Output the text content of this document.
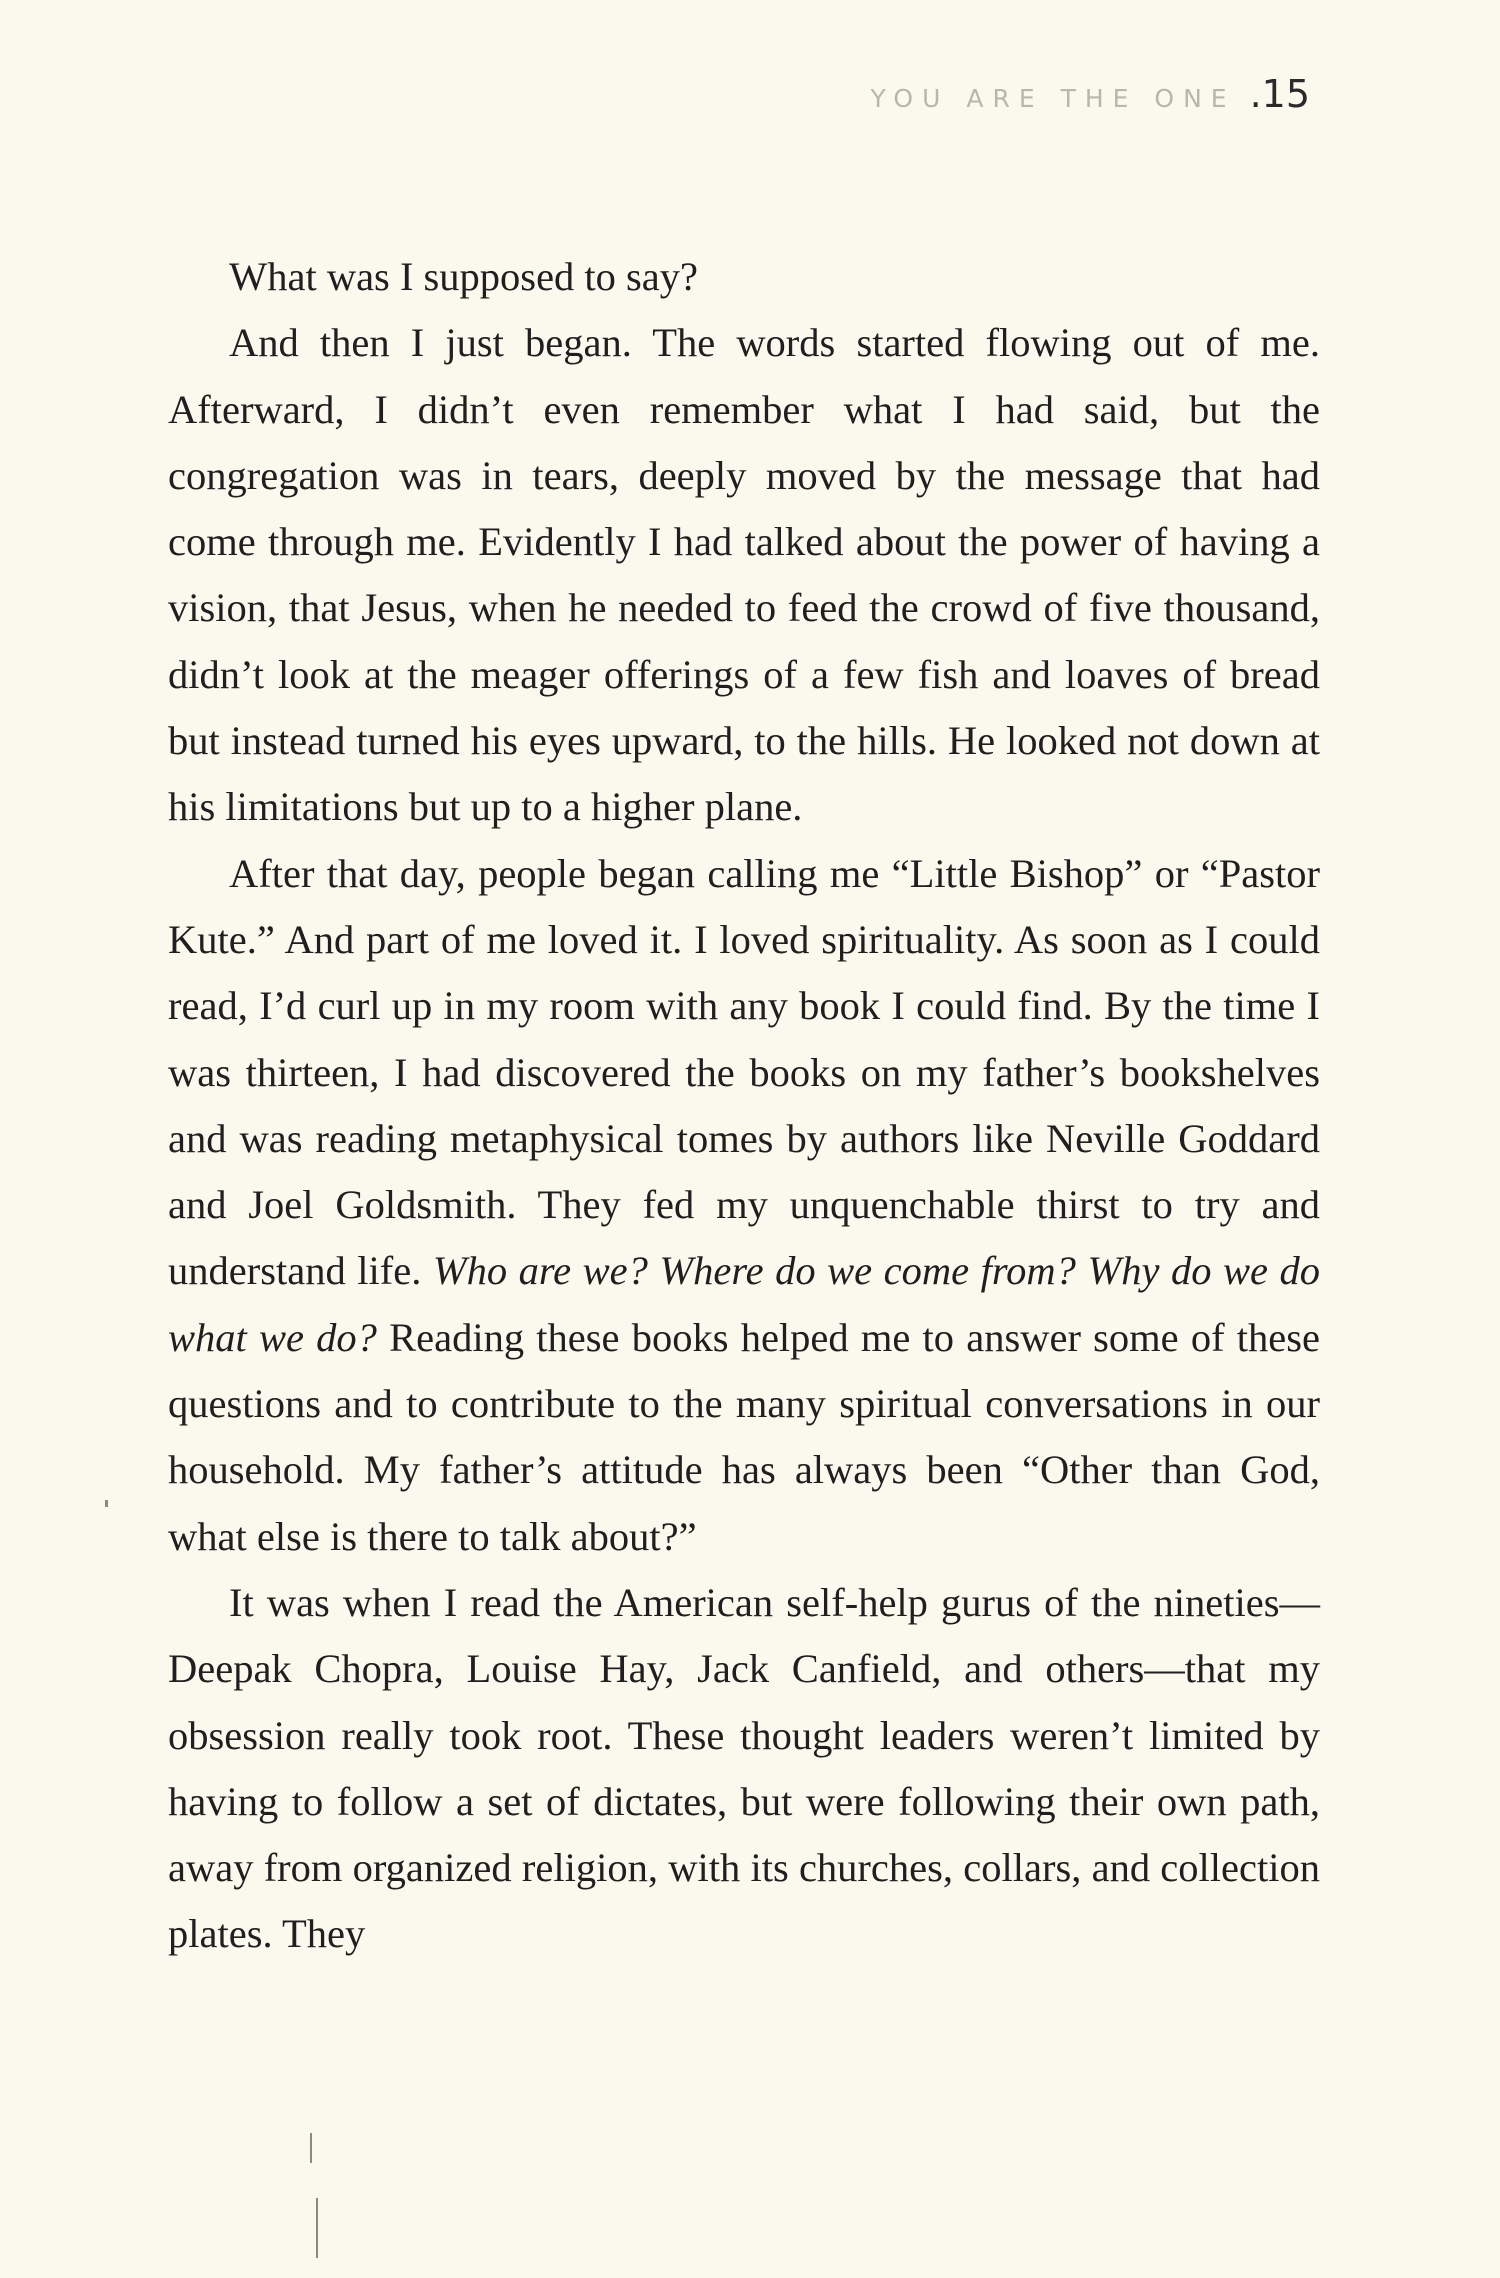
YOU ARE THE ONE .15

What was I supposed to say?

And then I just began. The words started flowing out of me. Afterward, I didn’t even remember what I had said, but the congregation was in tears, deeply moved by the message that had come through me. Evidently I had talked about the power of having a vision, that Jesus, when he needed to feed the crowd of five thousand, didn’t look at the meager offerings of a few fish and loaves of bread but instead turned his eyes upward, to the hills. He looked not down at his limitations but up to a higher plane.

After that day, people began calling me “Little Bishop” or “Pastor Kute.” And part of me loved it. I loved spirituality. As soon as I could read, I’d curl up in my room with any book I could find. By the time I was thirteen, I had discovered the books on my father’s bookshelves and was reading metaphysical tomes by authors like Neville Goddard and Joel Goldsmith. They fed my unquenchable thirst to try and understand life. Who are we? Where do we come from? Why do we do what we do? Reading these books helped me to answer some of these questions and to contribute to the many spiritual conversations in our household. My father’s attitude has always been “Other than God, what else is there to talk about?”

It was when I read the American self-help gurus of the nineties—Deepak Chopra, Louise Hay, Jack Canfield, and others—that my obsession really took root. These thought leaders weren’t limited by having to follow a set of dictates, but were following their own path, away from organized religion, with its churches, collars, and collection plates. They
